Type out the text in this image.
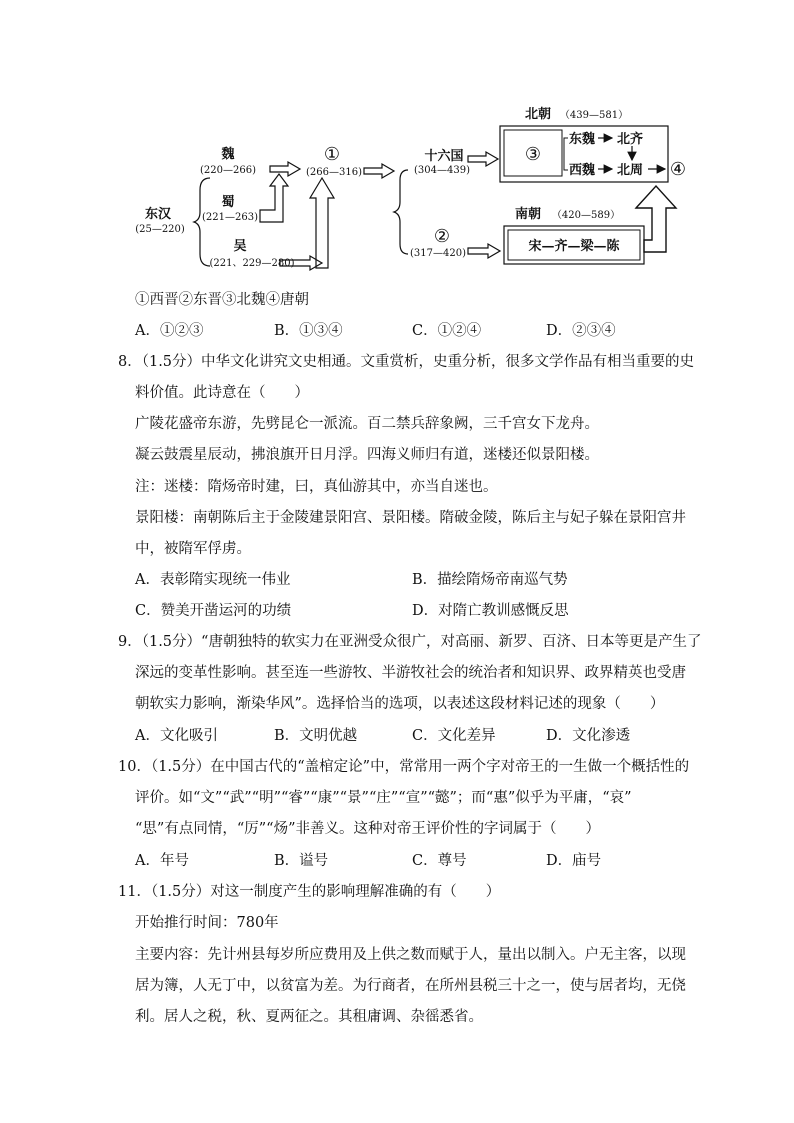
魏
(220—266)
①
(266—316)
蜀
(221—263)
东汉
(25—220)
吴
(221、229—280)
十六国
(304—439)
②
(317—420)
北朝 （439—581）
③
东魏 北齐
西魏 北周 ④
南朝 （420—589）
宋—齐—梁—陈
①西晋②东晋③北魏④唐朝
A．①②③	B．①③④	C．①②④	D．②③④
8．（1.5分）中华文化讲究文史相通。文重赏析，史重分析，很多文学作品有相当重要的史
料价值。此诗意在（　　）
广陵花盛帝东游，先劈昆仑一派流。百二禁兵辞象阙，三千宫女下龙舟。
凝云鼓震星辰动，拂浪旗开日月浮。四海义师归有道，迷楼还似景阳楼。
注：迷楼：隋炀帝时建，曰，真仙游其中，亦当自迷也。
景阳楼：南朝陈后主于金陵建景阳宫、景阳楼。隋破金陵，陈后主与妃子躲在景阳宫井
中，被隋军俘虏。
A．表彰隋实现统一伟业	B．描绘隋炀帝南巡气势
C．赞美开凿运河的功绩	D．对隋亡教训感慨反思
9．（1.5分）“唐朝独特的软实力在亚洲受众很广，对高丽、新罗、百济、日本等更是产生了
深远的变革性影响。甚至连一些游牧、半游牧社会的统治者和知识界、政界精英也受唐
朝软实力影响，渐染华风”。选择恰当的选项，以表述这段材料记述的现象（　　）
A．文化吸引	B．文明优越	C．文化差异	D．文化渗透
10．（1.5分）在中国古代的“盖棺定论”中，常常用一两个字对帝王的一生做一个概括性的
评价。如“文”“武”“明”“睿”“康”“景”“庄”“宣”“懿”；而“惠”似乎为平庸，“哀”
“思”有点同情，“厉”“炀”非善义。这种对帝王评价性的字词属于（　　）
A．年号	B．谥号	C．尊号	D．庙号
11．（1.5分）对这一制度产生的影响理解准确的有（　　）
开始推行时间：780年
主要内容：先计州县每岁所应费用及上供之数而赋于人，量出以制入。户无主客，以现
居为簿，人无丁中，以贫富为差。为行商者，在所州县税三十之一，使与居者均，无侥
利。居人之税，秋、夏两征之。其租庸调、杂徭悉省。
